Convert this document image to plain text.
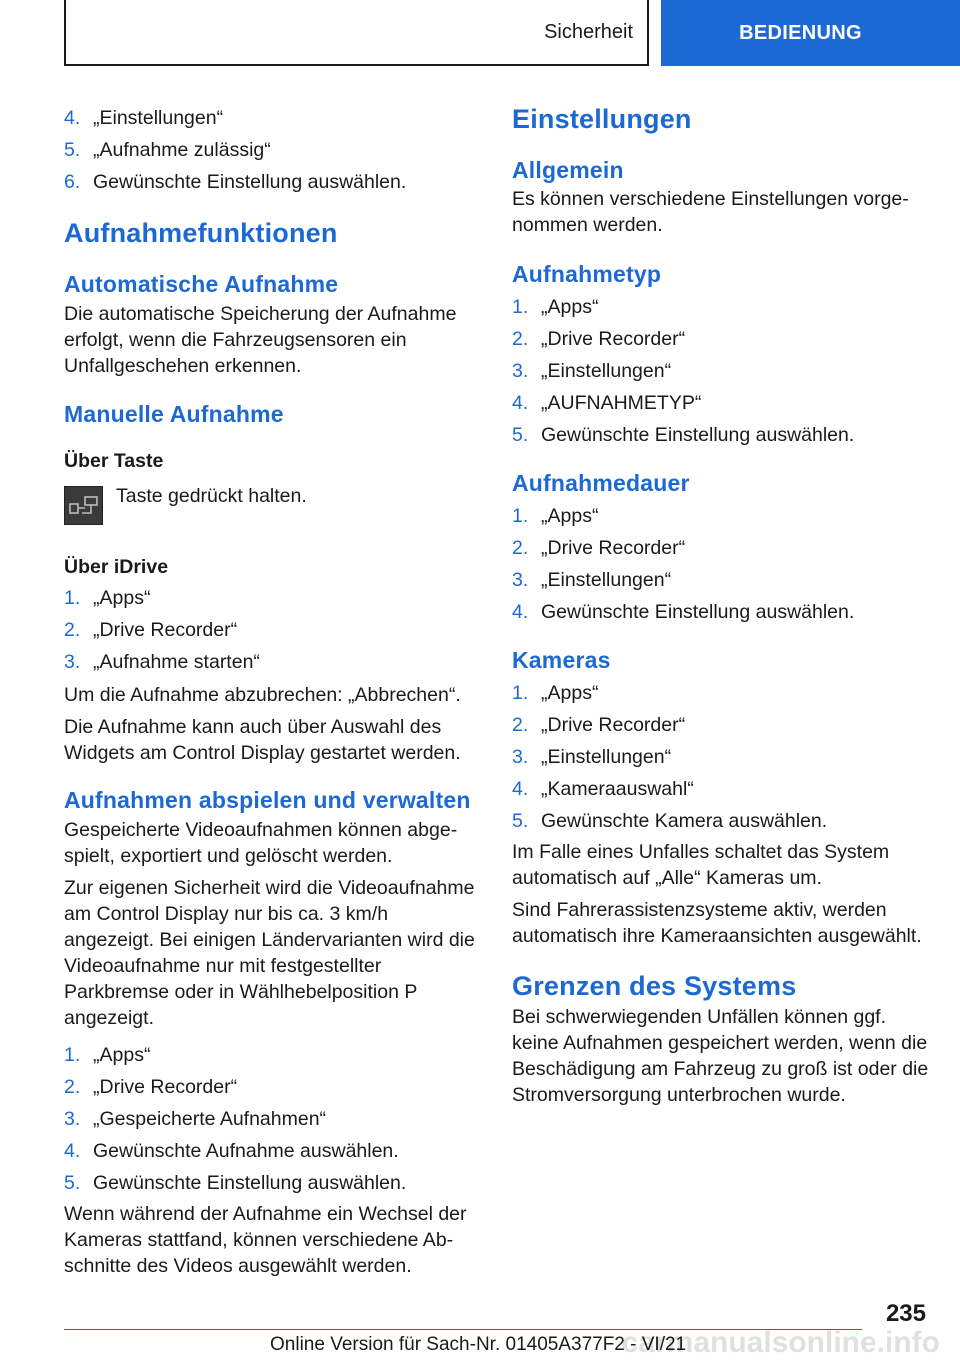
Sicherheit	BEDIENUNG
4. „Einstellungen“
5. „Aufnahme zulässig“
6. Gewünschte Einstellung auswählen.
Aufnahmefunktionen
Automatische Aufnahme

Die automatische Speicherung der Aufnahme erfolgt, wenn die Fahrzeugsensoren ein Unfallgeschehen erkennen.

Manuelle Aufnahme
Über Taste

Taste gedrückt halten.

Über iDrive
1. „Apps“
2. „Drive Recorder“
3. „Aufnahme starten“

Um die Aufnahme abzubrechen: „Abbrechen“.

Die Aufnahme kann auch über Auswahl des Widgets am Control Display gestartet werden.

Aufnahmen abspielen und verwalten

Gespeicherte Videoaufnahmen können abgespielt, exportiert und gelöscht werden.

Zur eigenen Sicherheit wird die Videoaufnahme am Control Display nur bis ca. 3 km/h angezeigt. Bei einigen Ländervarianten wird die Videoaufnahme nur mit festgestellter Parkbremse oder in Wählhebelposition P angezeigt.

1. „Apps“
2. „Drive Recorder“
3. „Gespeicherte Aufnahmen“
4. Gewünschte Aufnahme auswählen.
5. Gewünschte Einstellung auswählen.

Wenn während der Aufnahme ein Wechsel der Kameras stattfand, können verschiedene Abschnitte des Videos ausgewählt werden.

Einstellungen
Allgemein

Es können verschiedene Einstellungen vorgenommen werden.

Aufnahmetyp
1. „Apps“
2. „Drive Recorder“
3. „Einstellungen“
4. „AUFNAHMETYP“
5. Gewünschte Einstellung auswählen.
Aufnahmedauer
1. „Apps“
2. „Drive Recorder“
3. „Einstellungen“
4. Gewünschte Einstellung auswählen.
Kameras
1. „Apps“
2. „Drive Recorder“
3. „Einstellungen“
4. „Kameraauswahl“
5. Gewünschte Kamera auswählen.

Im Falle eines Unfalles schaltet das System automatisch auf „Alle“ Kameras um.

Sind Fahrerassistenzsysteme aktiv, werden automatisch ihre Kameraansichten ausgewählt.

Grenzen des Systems

Bei schwerwiegenden Unfällen können ggf. keine Aufnahmen gespeichert werden, wenn die Beschädigung am Fahrzeug zu groß ist oder die Stromversorgung unterbrochen wurde.

235
Online Version für Sach-Nr. 01405A377F2 - VI/21
carmanualsonline.info
